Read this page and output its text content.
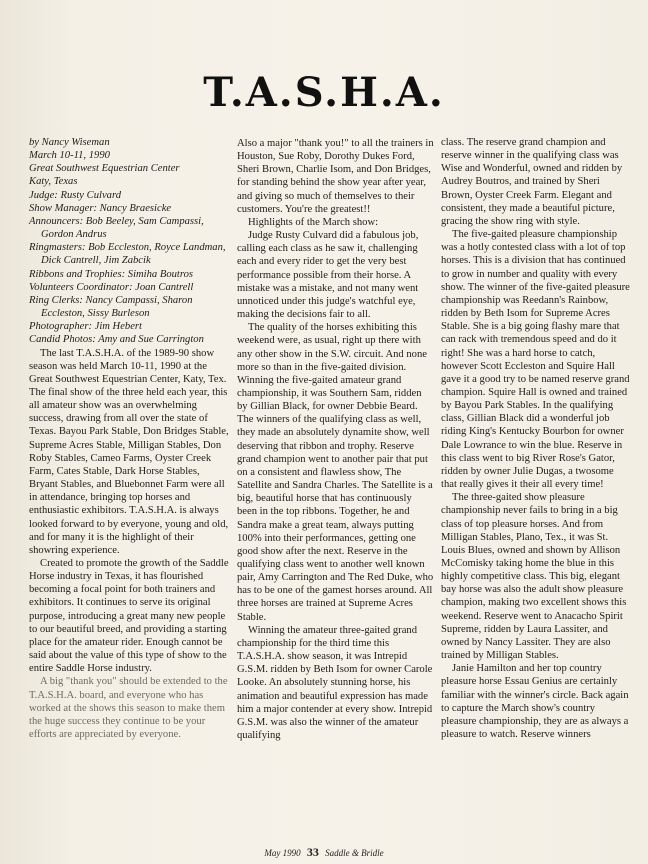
T.A.S.H.A.
by Nancy Wiseman
March 10-11, 1990
Great Southwest Equestrian Center
Katy, Texas
Judge: Rusty Culvard
Show Manager: Nancy Braesicke
Announcers: Bob Beeley, Sam Campassi, Gordon Andrus
Ringmasters: Bob Eccleston, Royce Landman, Dick Cantrell, Jim Zabcik
Ribbons and Trophies: Simiha Boutros
Volunteers Coordinator: Joan Cantrell
Ring Clerks: Nancy Campassi, Sharon Eccleston, Sissy Burleson
Photographer: Jim Hebert
Candid Photos: Amy and Sue Carrington

The last T.A.S.H.A. of the 1989-90 show season was held March 10-11, 1990 at the Great Southwest Equestrian Center, Katy, Tex. The final show of the three held each year, this all amateur show was an overwhelming success, drawing from all over the state of Texas. Bayou Park Stable, Don Bridges Stable, Supreme Acres Stable, Milligan Stables, Don Roby Stables, Cameo Farms, Oyster Creek Farm, Cates Stable, Dark Horse Stables, Bryant Stables, and Bluebonnet Farm were all in attendance, bringing top horses and enthusiastic exhibitors. T.A.S.H.A. is always looked forward to by everyone, young and old, and for many it is the highlight of their showring experience.

Created to promote the growth of the Saddle Horse industry in Texas, it has flourished becoming a focal point for both trainers and exhibitors. It continues to serve its original purpose, introducing a great many new people to our beautiful breed, and providing a starting place for the amateur rider. Enough cannot be said about the value of this type of show to the entire Saddle Horse industry.

A big "thank you" should be extended to the T.A.S.H.A. board, and everyone who has worked at the shows this season to make them the huge success they continue to be your efforts are appreciated by everyone.

Also a major "thank you!" to all the trainers in Houston, Sue Roby, Dorothy Dukes Ford, Sheri Brown, Charlie Isom, and Don Bridges, for standing behind the show year after year, and giving so much of themselves to their customers. You're the greatest!!

Highlights of the March show:

Judge Rusty Culvard did a fabulous job, calling each class as he saw it, challenging each and every rider to get the very best performance possible from their horse. A mistake was a mistake, and not many went unnoticed under this judge's watchful eye, making the decisions fair to all.

The quality of the horses exhibiting this weekend were, as usual, right up there with any other show in the S.W. circuit. And none more so than in the five-gaited division. Winning the five-gaited amateur grand championship, it was Southern Sam, ridden by Gillian Black, for owner Debbie Beard. The winners of the qualifying class as well, they made an absolutely dynamite show, well deserving that ribbon and trophy. Reserve grand champion went to another pair that put on a consistent and flawless show, The Satellite and Sandra Charles. The Satellite is a big, beautiful horse that has continuously been in the top ribbons. Together, he and Sandra make a great team, always putting 100% into their performances, getting one good show after the next. Reserve in the qualifying class went to another well known pair, Amy Carrington and The Red Duke, who has to be one of the gamest horses around. All three horses are trained at Supreme Acres Stable.

Winning the amateur three-gaited grand championship for the third time this T.A.S.H.A. show season, it was Intrepid G.S.M. ridden by Beth Isom for owner Carole Looke. An absolutely stunning horse, his animation and beautiful expression has made him a major contender at every show. Intrepid G.S.M. was also the winner of the amateur qualifying

class. The reserve grand champion and reserve winner in the qualifying class was Wise and Wonderful, owned and ridden by Audrey Boutros, and trained by Sheri Brown, Oyster Creek Farm. Elegant and consistent, they made a beautiful picture, gracing the show ring with style.

The five-gaited pleasure championship was a hotly contested class with a lot of top horses. This is a division that has continued to grow in number and quality with every show. The winner of the five-gaited pleasure championship was Reedann's Rainbow, ridden by Beth Isom for Supreme Acres Stable. She is a big going flashy mare that can rack with tremendous speed and do it right! She was a hard horse to catch, however Scott Eccleston and Squire Hall gave it a good try to be named reserve grand champion. Squire Hall is owned and trained by Bayou Park Stables. In the qualifying class, Gillian Black did a wonderful job riding King's Kentucky Bourbon for owner Dale Lowrance to win the blue. Reserve in this class went to big River Rose's Gator, ridden by owner Julie Dugas, a twosome that really gives it their all every time!

The three-gaited show pleasure championship never fails to bring in a big class of top pleasure horses. And from Milligan Stables, Plano, Tex., it was St. Louis Blues, owned and shown by Allison McComisky taking home the blue in this highly competitive class. This big, elegant bay horse was also the adult show pleasure champion, making two excellent shows this weekend. Reserve went to Anacacho Spirit Supreme, ridden by Laura Lassiter, and owned by Nancy Lassiter. They are also trained by Milligan Stables.

Janie Hamilton and her top country pleasure horse Essau Genius are certainly familiar with the winner's circle. Back again to capture the March show's country pleasure championship, they are as always a pleasure to watch. Reserve winners

May 1990 33 Saddle & Bridle
